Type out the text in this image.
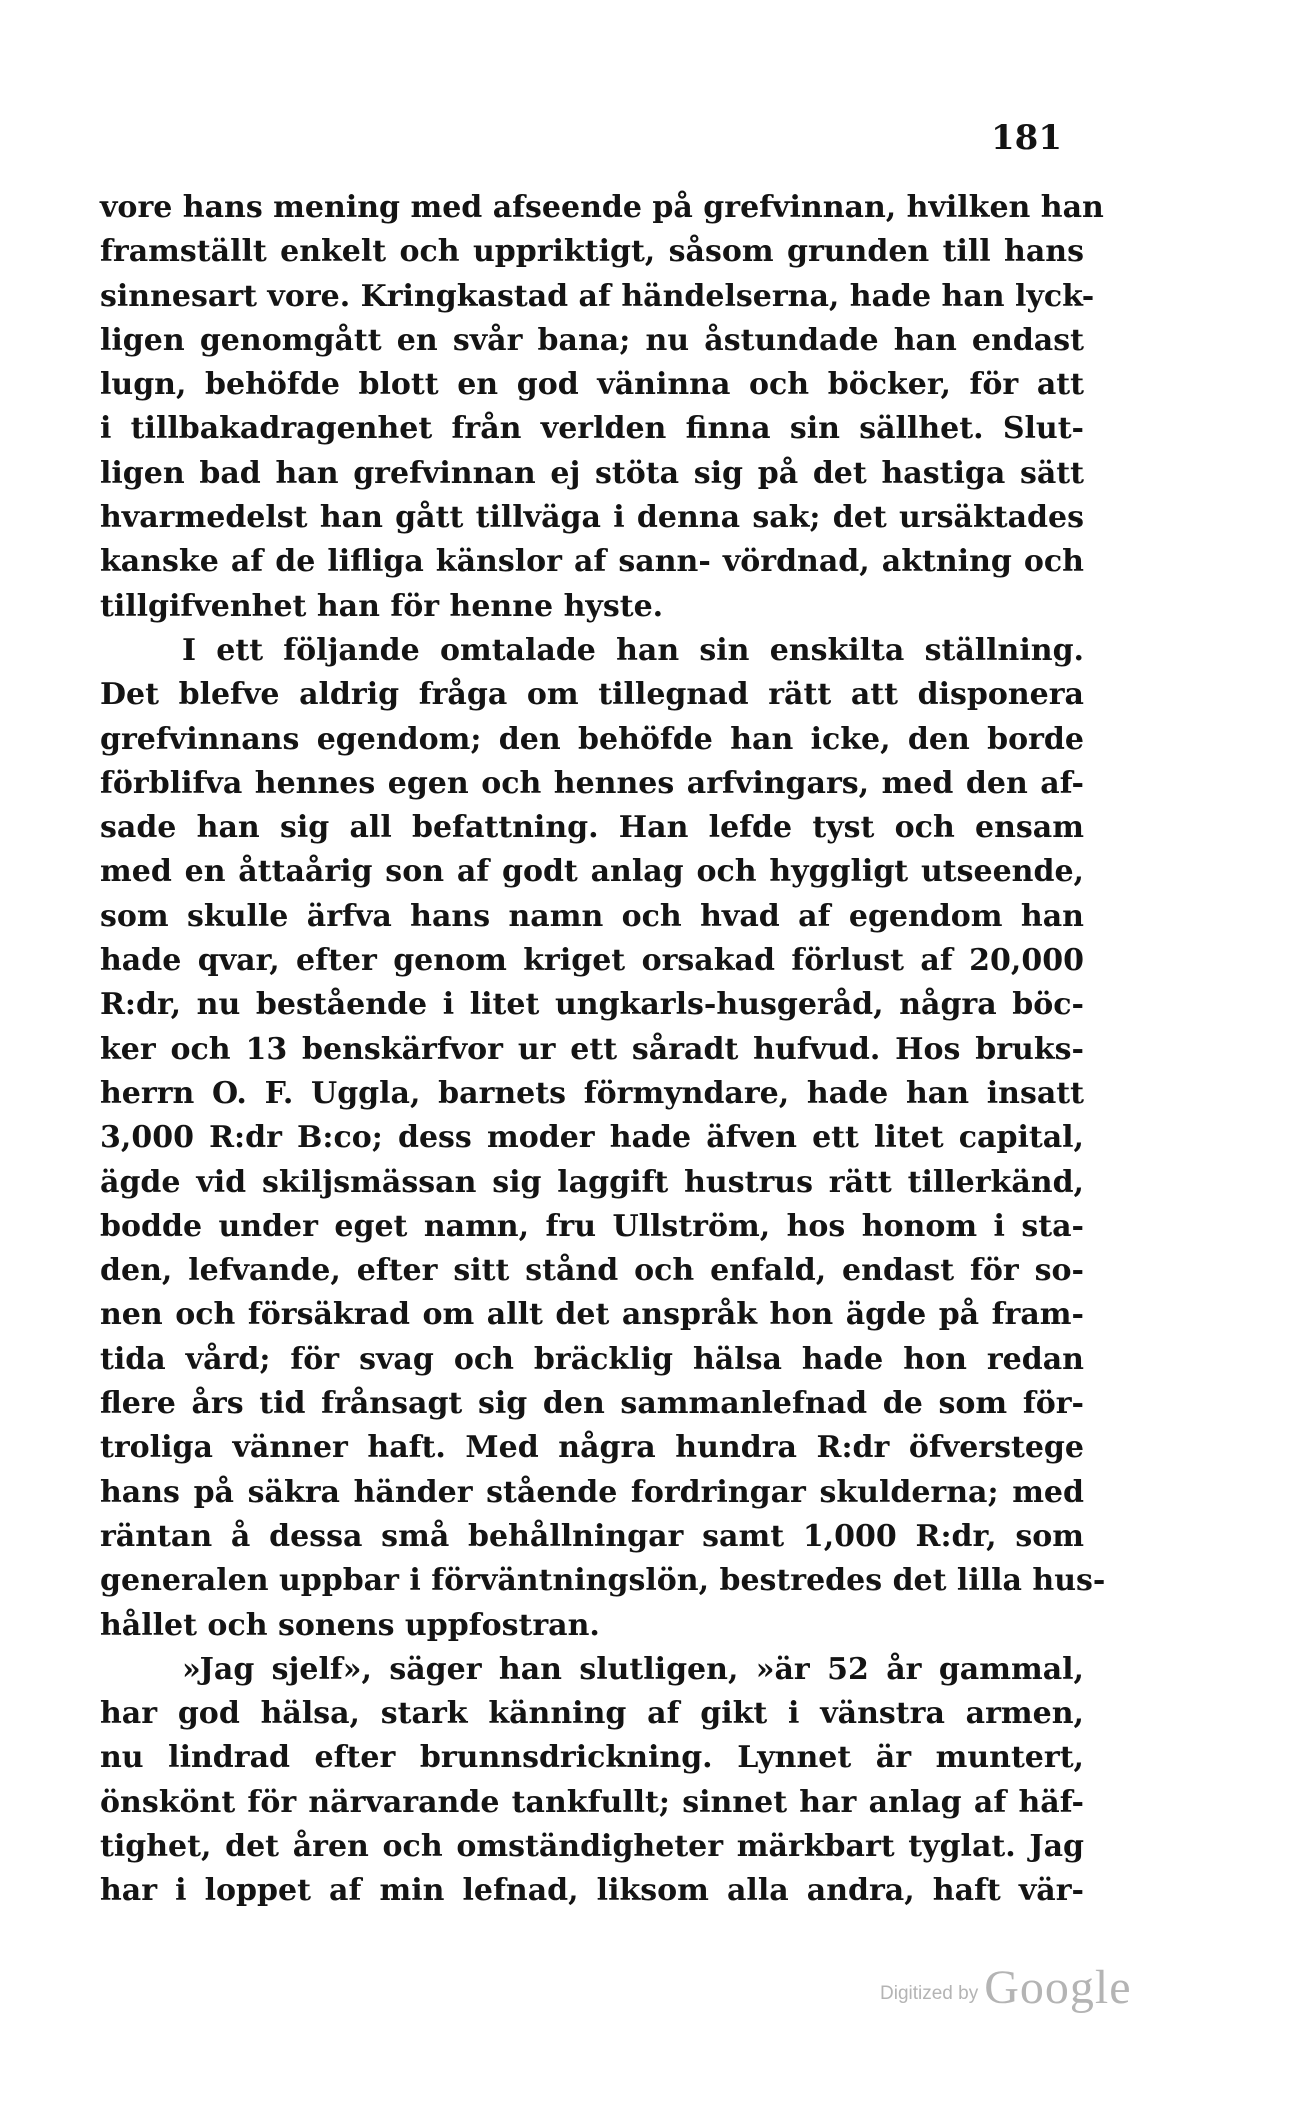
181
vore hans mening med afseende på grefvinnan, hvilken han
framställt enkelt och uppriktigt, såsom grunden till hans
sinnesart vore. Kringkastad af händelserna, hade han lyck-
ligen genomgått en svår bana; nu åstundade han endast
lugn, behöfde blott en god väninna och böcker, för att
i tillbakadragenhet från verlden finna sin sällhet. Slut-
ligen bad han grefvinnan ej stöta sig på det hastiga sätt
hvarmedelst han gått tillväga i denna sak; det ursäktades
kanske af de lifliga känslor af sann- vördnad, aktning och
tillgifvenhet han för henne hyste.
I ett följande omtalade han sin enskilta ställning.
Det blefve aldrig fråga om tillegnad rätt att disponera
grefvinnans egendom; den behöfde han icke, den borde
förblifva hennes egen och hennes arfvingars, med den af-
sade han sig all befattning. Han lefde tyst och ensam
med en åttaårig son af godt anlag och hyggligt utseende,
som skulle ärfva hans namn och hvad af egendom han
hade qvar, efter genom kriget orsakad förlust af 20,000
R:dr, nu bestående i litet ungkarls-husgeråd, några böc-
ker och 13 benskärfvor ur ett såradt hufvud. Hos bruks-
herrn O. F. Uggla, barnets förmyndare, hade han insatt
3,000 R:dr B:co; dess moder hade äfven ett litet capital,
ägde vid skiljsmässan sig laggift hustrus rätt tillerkänd,
bodde under eget namn, fru Ullström, hos honom i sta-
den, lefvande, efter sitt stånd och enfald, endast för so-
nen och försäkrad om allt det anspråk hon ägde på fram-
tida vård; för svag och bräcklig hälsa hade hon redan
flere års tid frånsagt sig den sammanlefnad de som för-
troliga vänner haft. Med några hundra R:dr öfverstege
hans på säkra händer stående fordringar skulderna; med
räntan å dessa små behållningar samt 1,000 R:dr, som
generalen uppbar i förväntningslön, bestredes det lilla hus-
hållet och sonens uppfostran.
»Jag sjelf», säger han slutligen, »är 52 år gammal,
har god hälsa, stark känning af gikt i vänstra armen,
nu lindrad efter brunnsdrickning. Lynnet är muntert,
önskönt för närvarande tankfullt; sinnet har anlag af häf-
tighet, det åren och omständigheter märkbart tyglat. Jag
har i loppet af min lefnad, liksom alla andra, haft vär-
Digitized by Google
